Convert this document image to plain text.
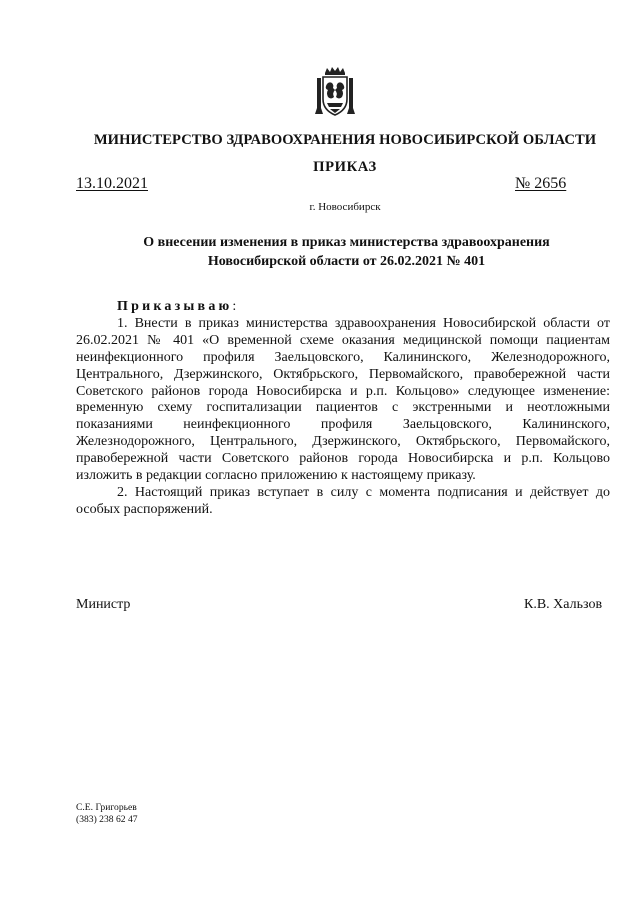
МИНИСТЕРСТВО ЗДРАВООХРАНЕНИЯ НОВОСИБИРСКОЙ ОБЛАСТИ
ПРИКАЗ
13.10.2021	№ 2656
г. Новосибирск
О внесении изменения в приказ министерства здравоохранения
Новосибирской области от 26.02.2021 № 401

Приказываю:

1. Внести в приказ министерства здравоохранения Новосибирской области от 26.02.2021 № 401 «О временной схеме оказания медицинской помощи пациентам неинфекционного профиля Заельцовского, Калининского, Железнодорожного, Центрального, Дзержинского, Октябрьского, Первомайского, правобережной части Советского районов города Новосибирска и р.п. Кольцово» следующее изменение: временную схему госпитализации пациентов с экстренными и неотложными показаниями неинфекционного профиля Заельцовского, Калининского, Железнодорожного, Центрального, Дзержинского, Октябрьского, Первомайского, правобережной части Советского районов города Новосибирска и р.п. Кольцово изложить в редакции согласно приложению к настоящему приказу.

2. Настоящий приказ вступает в силу с момента подписания и действует до особых распоряжений.

Министр	К.В. Хальзов
С.Е. Григорьев
(383) 238 62 47
